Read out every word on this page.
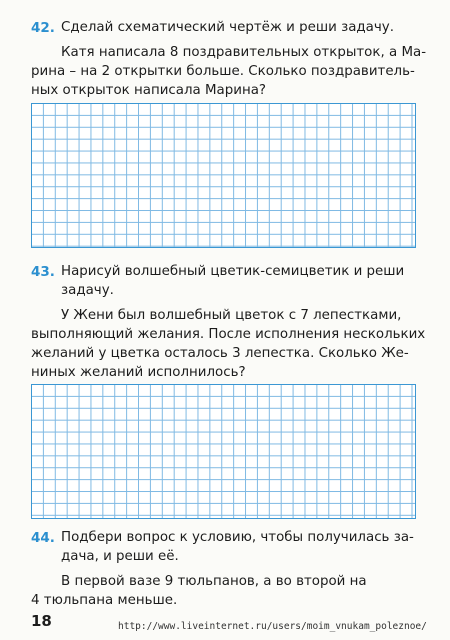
42. Сделай схематический чертёж и реши задачу.
Катя написала 8 поздравительных открыток, а Ма-
рина – на 2 открытки больше. Сколько поздравитель-
ных открыток написала Марина?
43. Нарисуй волшебный цветик-семицветик и реши
задачу.
У Жени был волшебный цветок с 7 лепестками,
выполняющий желания. После исполнения нескольких
желаний у цветка осталось 3 лепестка. Сколько Же-
ниных желаний исполнилось?
44. Подбери вопрос к условию, чтобы получилась за-
дача, и реши её.
В первой вазе 9 тюльпанов, а во второй на
4 тюльпана меньше.
18	http://www.liveinternet.ru/users/moim_vnukam_poleznoe/
